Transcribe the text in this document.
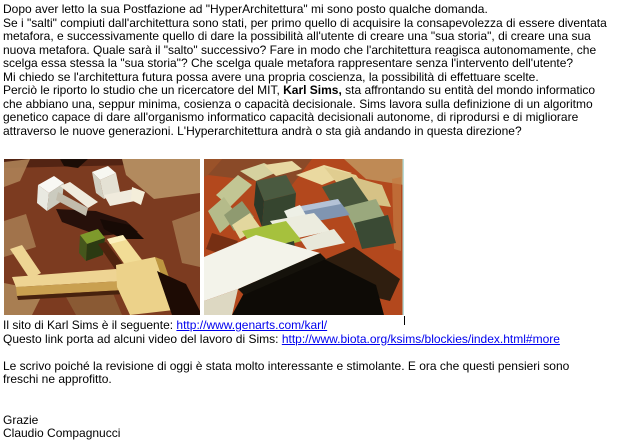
Dopo aver letto la sua Postfazione ad "HyperArchitettura" mi sono posto qualche domanda.
Se i "salti" compiuti dall'architettura sono stati, per primo quello di acquisire la consapevolezza di essere diventata
metafora, e successivamente quello di dare la possibilità all'utente di creare una "sua storia", di creare una sua
nuova metafora. Quale sarà il "salto" successivo? Fare in modo che l'architettura reagisca autonomamente, che
scelga essa stessa la "sua storia"? Che scelga quale metafora rappresentare senza l'intervento dell'utente?
Mi chiedo se l'architettura futura possa avere una propria coscienza, la possibilità di effettuare scelte.
Perciò le riporto lo studio che un ricercatore del MIT, Karl Sims, sta affrontando su entità del mondo informatico
che abbiano una, seppur minima, cosienza o capacità decisionale. Sims lavora sulla definizione di un algoritmo
genetico capace di dare all'organismo informatico capacità decisionali autonome, di riprodursi e di migliorare
attraverso le nuove generazioni. L'Hyperarchitettura andrà o sta già andando in questa direzione?
Il sito di Karl Sims è il seguente: http://www.genarts.com/karl/
Questo link porta ad alcuni video del lavoro di Sims: http://www.biota.org/ksims/blockies/index.html#more
Le scrivo poiché la revisione di oggi è stata molto interessante e stimolante. E ora che questi pensieri sono
freschi ne approfitto.
Grazie
Claudio Compagnucci
